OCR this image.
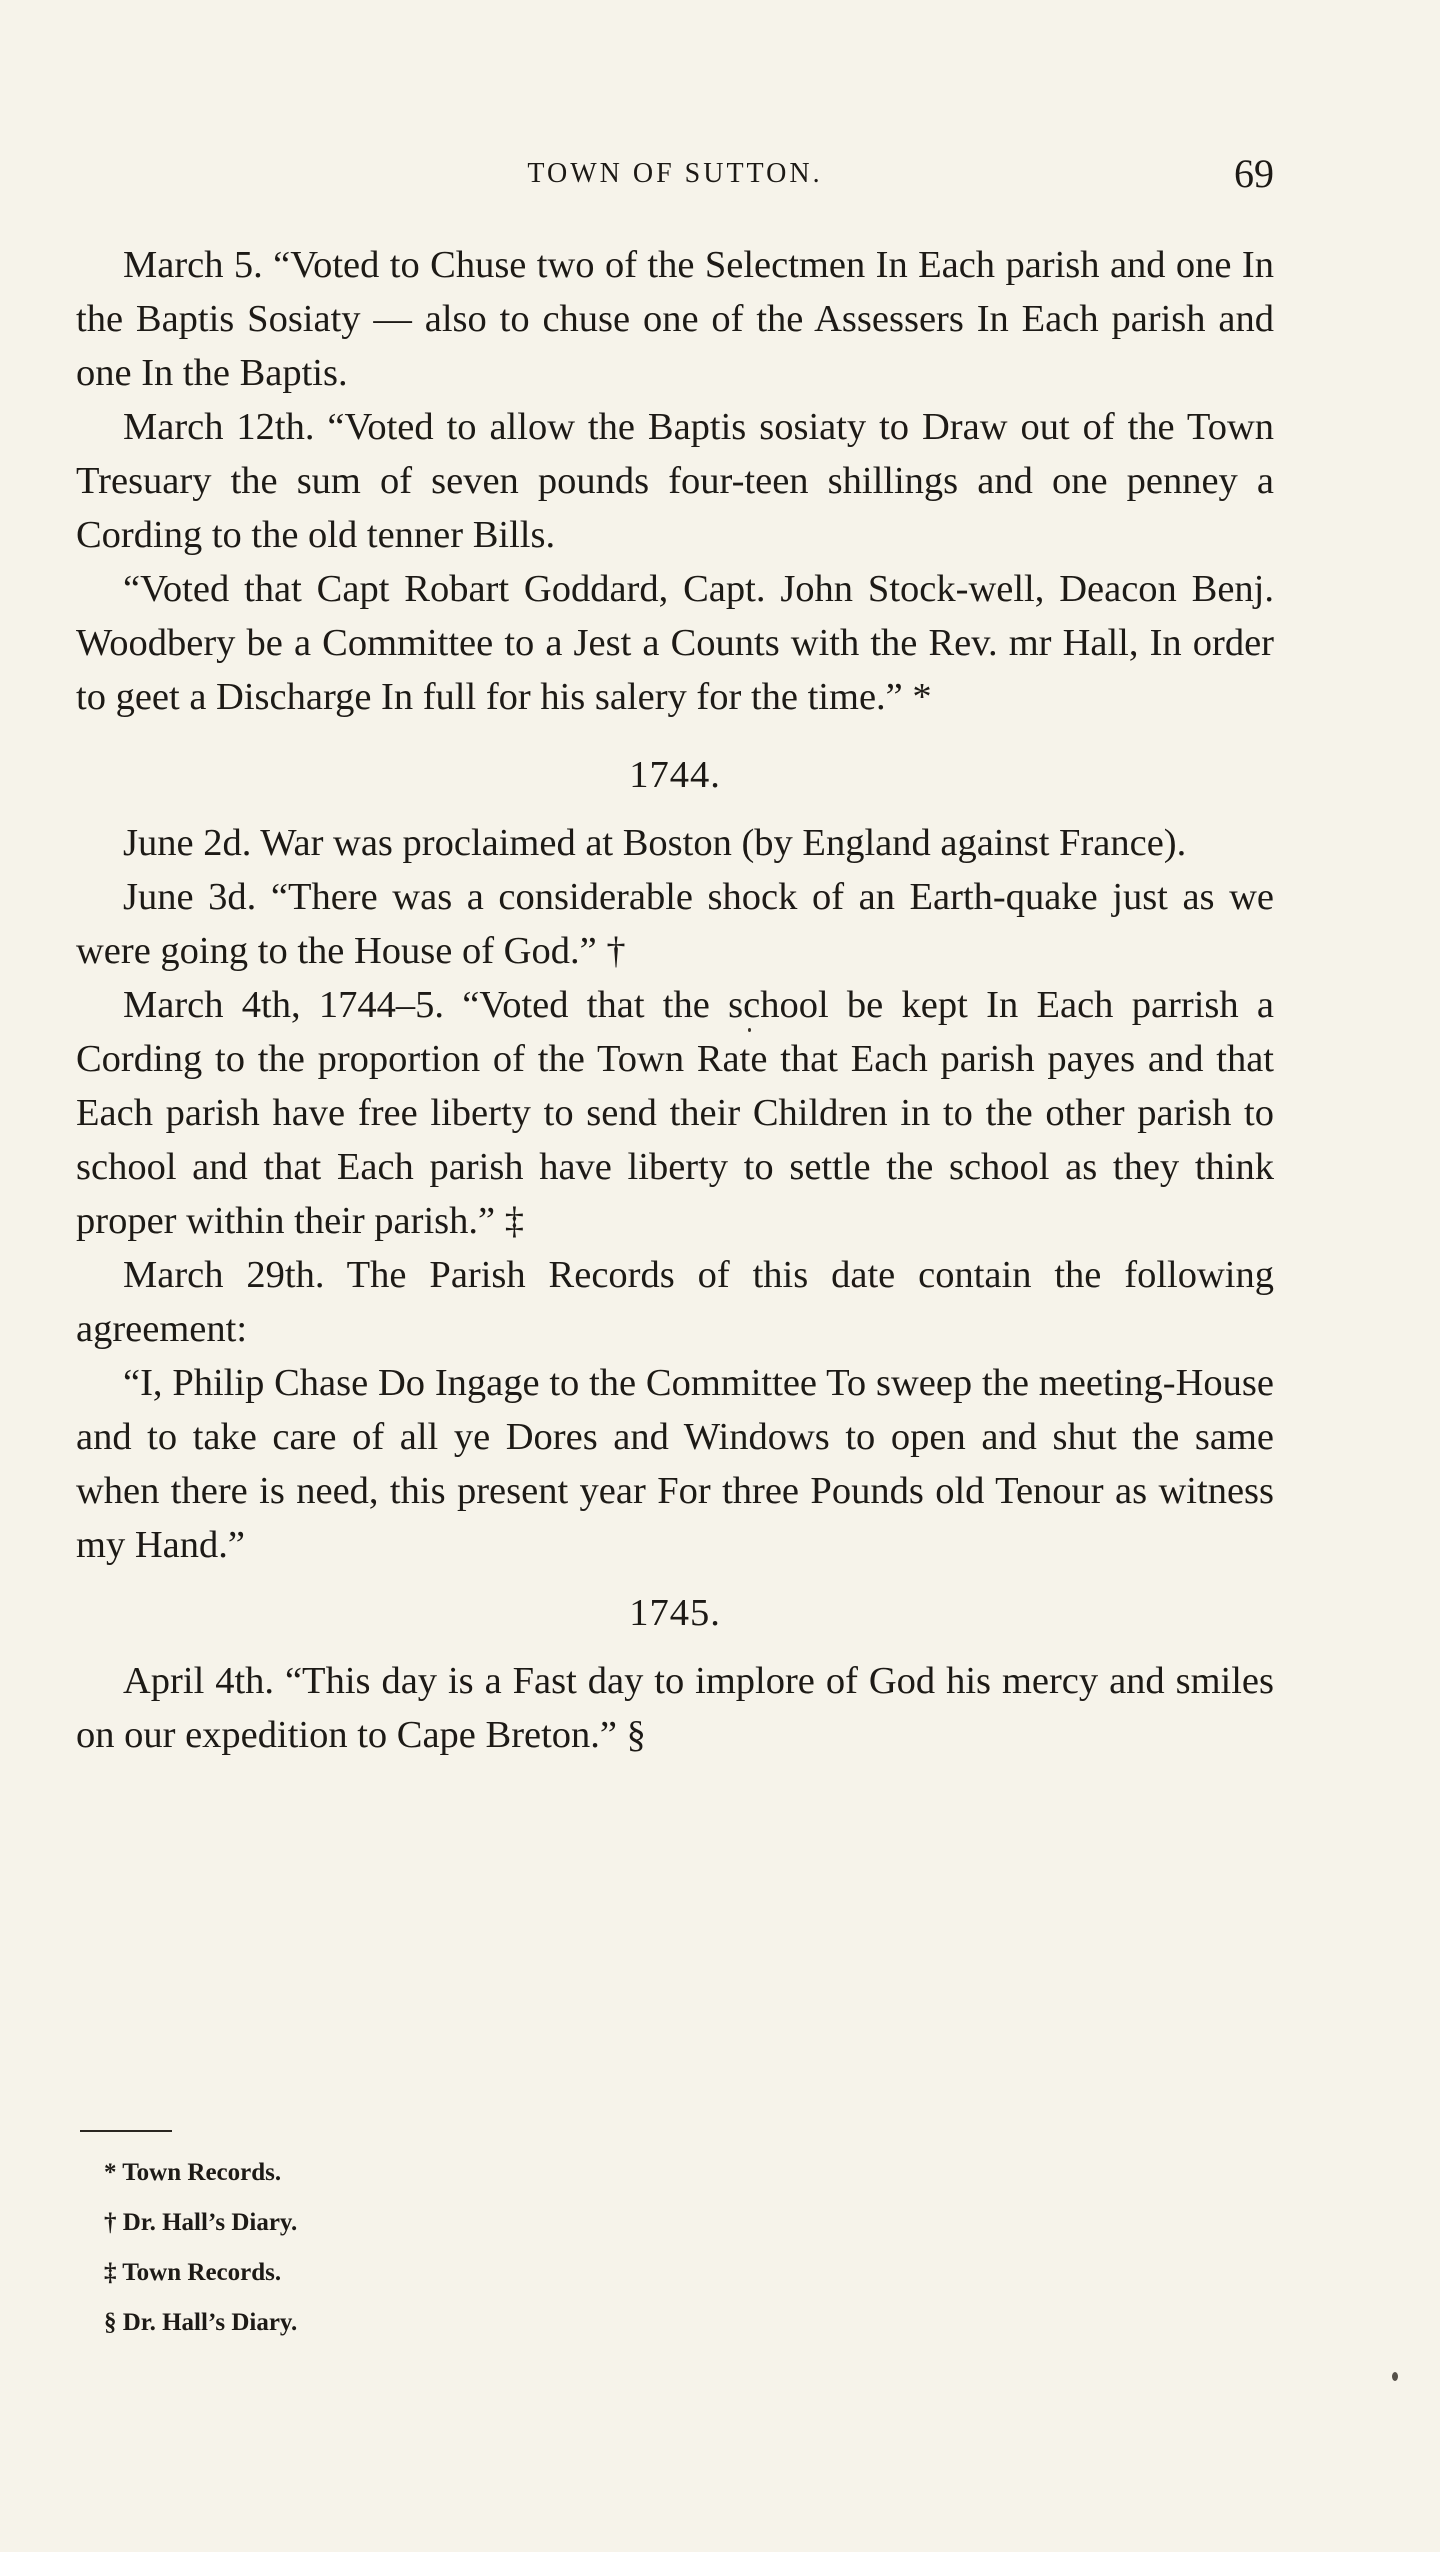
TOWN OF SUTTON.	69

March 5. “Voted to Chuse two of the Selectmen In Each parish and one In the Baptis Sosiaty — also to chuse one of the Assessers In Each parish and one In the Baptis.

March 12th. “Voted to allow the Baptis sosiaty to Draw out of the Town Tresuary the sum of seven pounds four-teen shillings and one penney a Cording to the old tenner Bills.

“Voted that Capt Robart Goddard, Capt. John Stock-well, Deacon Benj. Woodbery be a Committee to a Jest a Counts with the Rev. mr Hall, In order to geet a Discharge In full for his salery for the time.” *

1744.

June 2d. War was proclaimed at Boston (by England against France).

June 3d. “There was a considerable shock of an Earth-quake just as we were going to the House of God.” †

March 4th, 1744–5. “Voted that the school be kept In Each parrish a Cording to the proportion of the Town Rate that Each parish payes and that Each parish have free liberty to send their Children in to the other parish to school and that Each parish have liberty to settle the school as they think proper within their parish.” ‡

March 29th. The Parish Records of this date contain the following agreement:

“I, Philip Chase Do Ingage to the Committee To sweep the meeting-House and to take care of all ye Dores and Windows to open and shut the same when there is need, this present year For three Pounds old Tenour as witness my Hand.”

1745.

April 4th. “This day is a Fast day to implore of God his mercy and smiles on our expedition to Cape Breton.” §

* Town Records.

† Dr. Hall’s Diary.

‡ Town Records.

§ Dr. Hall’s Diary.
